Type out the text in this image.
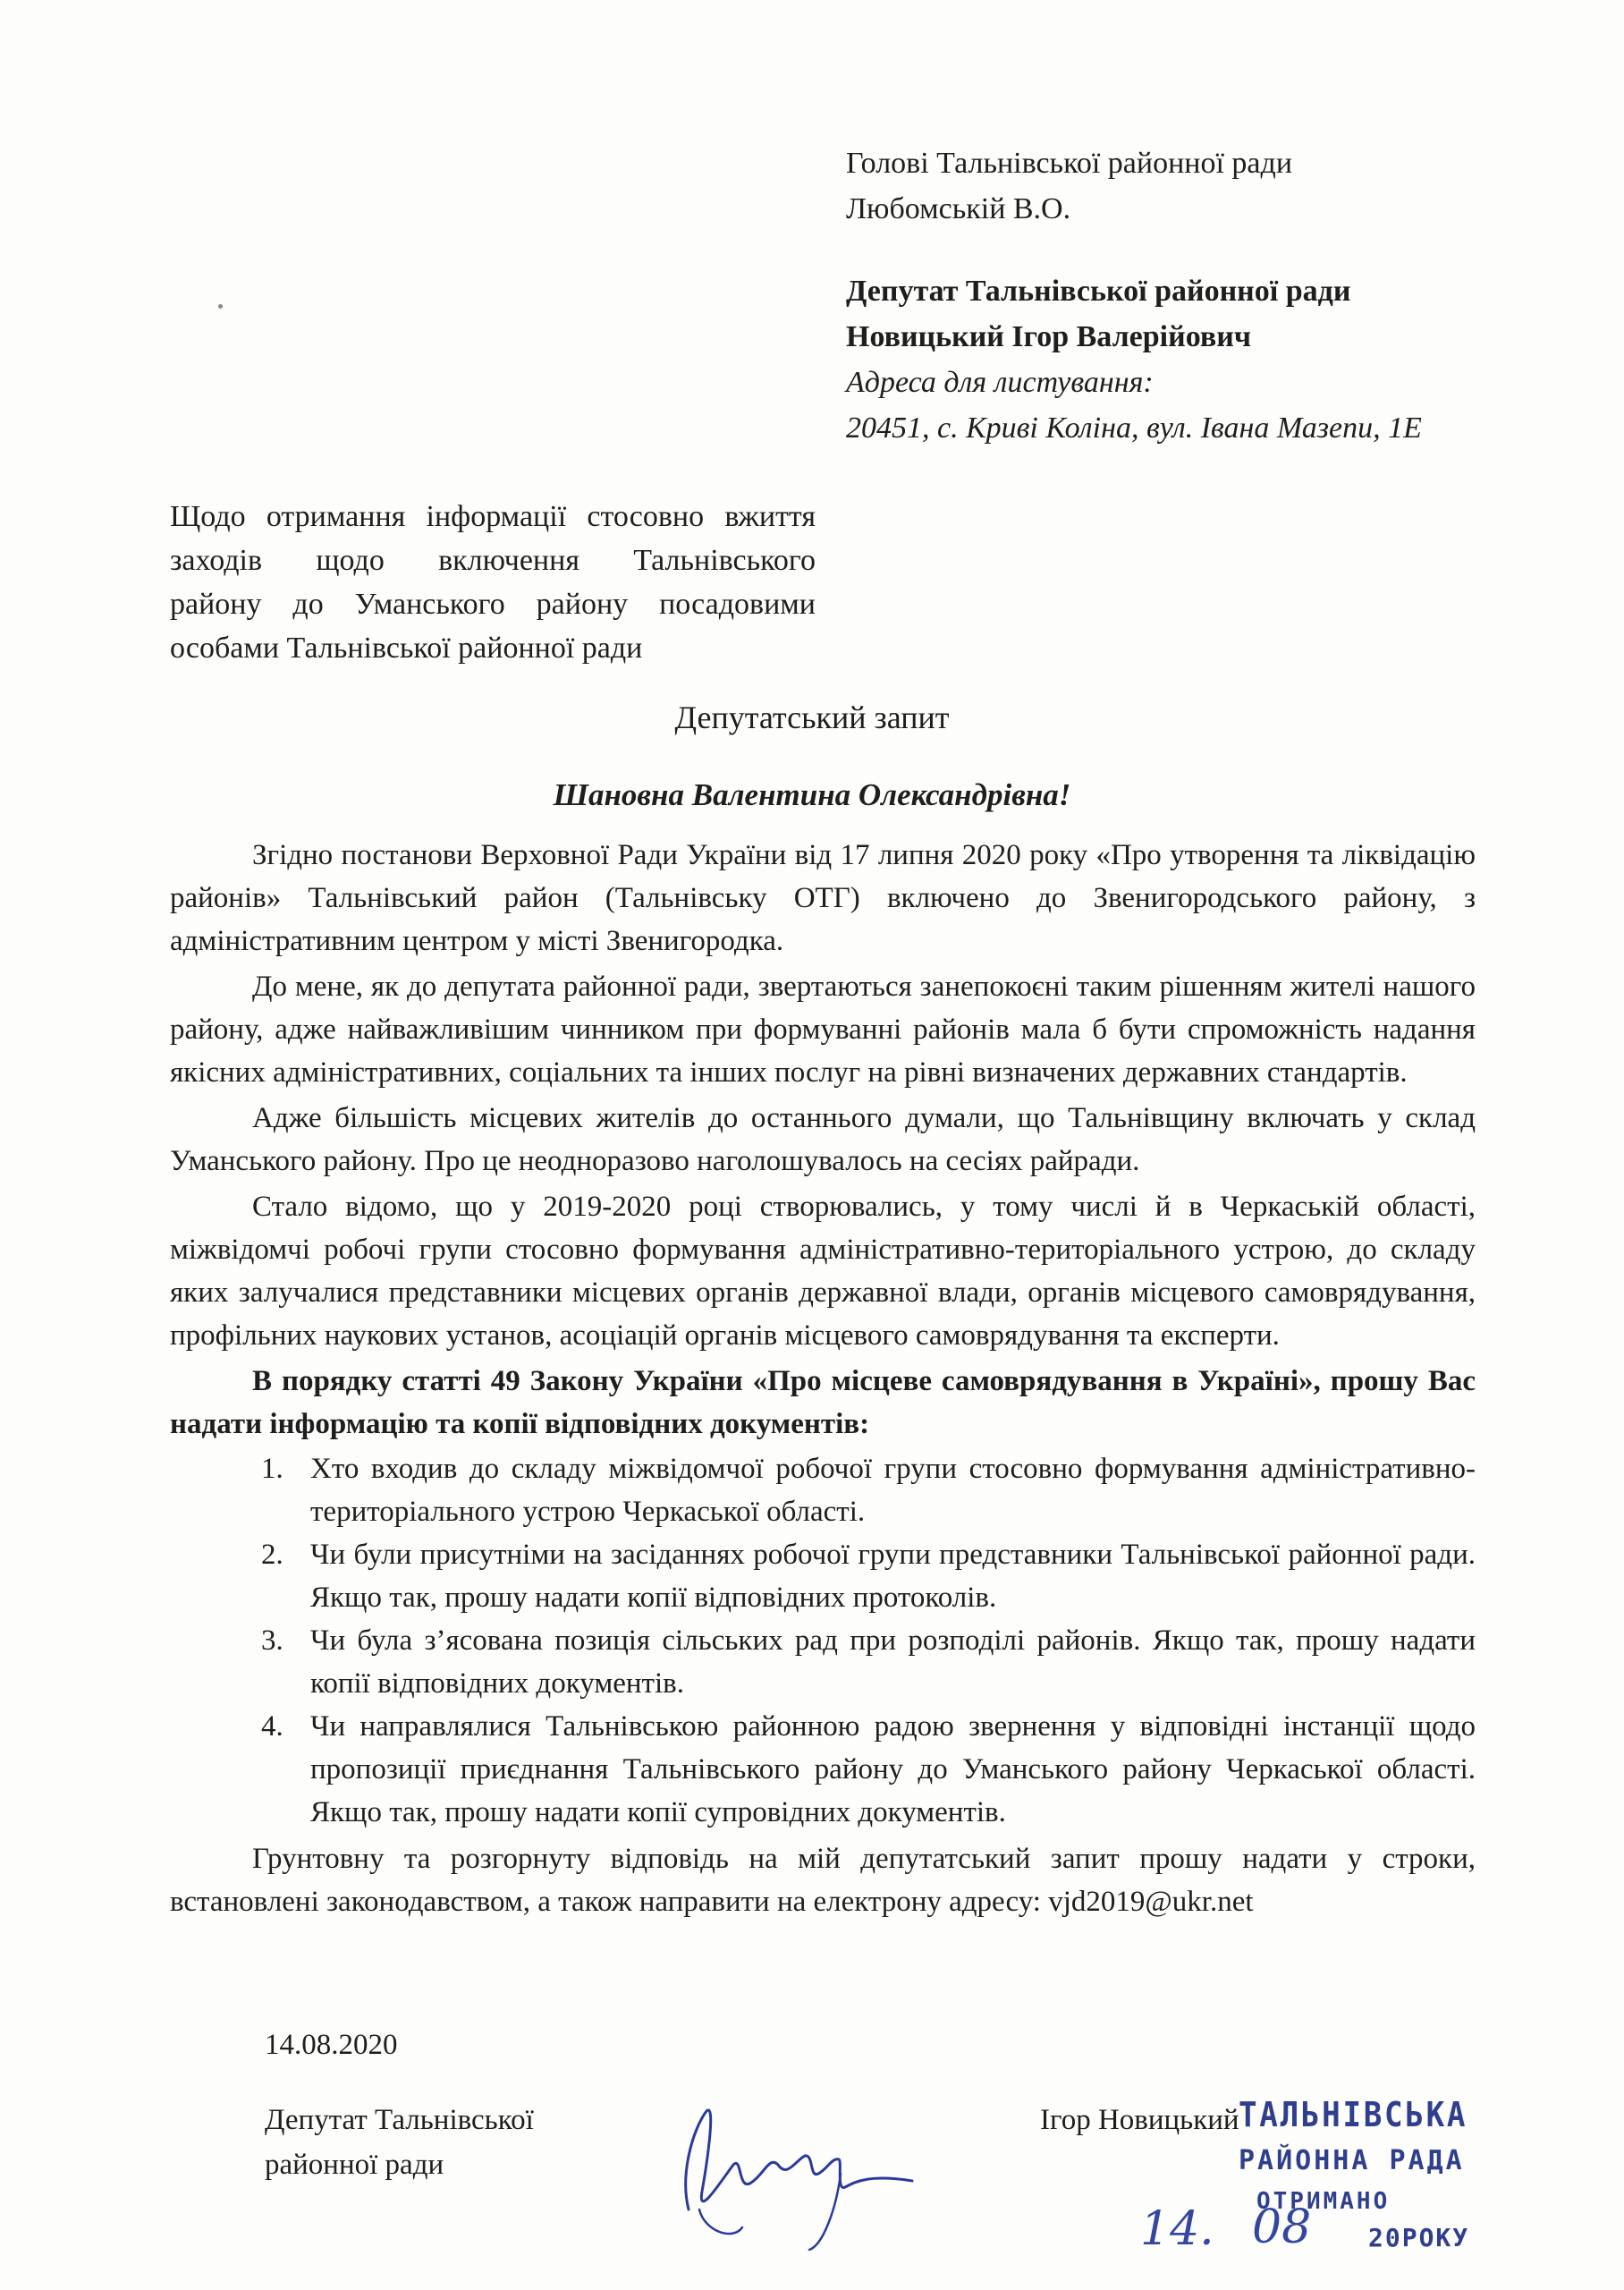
Голові Тальнівської районної ради
Любомській В.О.
Депутат Тальнівської районної ради
Новицький Ігор Валерійович
Адреса для листування:
20451, с. Криві Коліна, вул. Івана Мазепи, 1Е
Щодо отримання інформації стосовно вжиття
заходів щодо включення Тальнівського
району до Уманського району посадовими
особами Тальнівської районної ради
Депутатський запит
Шановна Валентина Олександрівна!

Згідно постанови Верховної Ради України від 17 липня 2020 року «Про утворення та ліквідацію районів» Тальнівський район (Тальнівську ОТГ) включено до Звенигородського району, з адміністративним центром у місті Звенигородка.

До мене, як до депутата районної ради, звертаються занепокоєні таким рішенням жителі нашого району, адже найважливішим чинником при формуванні районів мала б бути спроможність надання якісних адміністративних, соціальних та інших послуг на рівні визначених державних стандартів.

Адже більшість місцевих жителів до останнього думали, що Тальнівщину включать у склад Уманського району. Про це неодноразово наголошувалось на сесіях райради.

Стало відомо, що у 2019-2020 році створювались, у тому числі й в Черкаській області, міжвідомчі робочі групи стосовно формування адміністративно-територіального устрою, до складу яких залучалися представники місцевих органів державної влади, органів місцевого самоврядування, профільних наукових установ, асоціацій органів місцевого самоврядування та експерти.

В порядку статті 49 Закону України «Про місцеве самоврядування в Україні», прошу Вас надати інформацію та копії відповідних документів:

1. Хто входив до складу міжвідомчої робочої групи стосовно формування адміністративно-територіального устрою Черкаської області.
2. Чи були присутніми на засіданнях робочої групи представники Тальнівської районної ради. Якщо так, прошу надати копії відповідних протоколів.
3. Чи була з’ясована позиція сільських рад при розподілі районів. Якщо так, прошу надати копії відповідних документів.
4. Чи направлялися Тальнівською районною радою звернення у відповідні інстанції щодо пропозиції приєднання Тальнівського району до Уманського району Черкаської області. Якщо так, прошу надати копії супровідних документів.

Грунтовну та розгорнуту відповідь на мій депутатський запит прошу надати у строки, встановлені законодавством, а також направити на електрону адресу: vjd2019@ukr.net

14.08.2020
Депутат Тальнівської
районної ради
Ігор Новицький ТАЛЬНІВСЬКА
РАЙОННА РАДА
ОТРИМАНО
14. 08 20РОКУ
